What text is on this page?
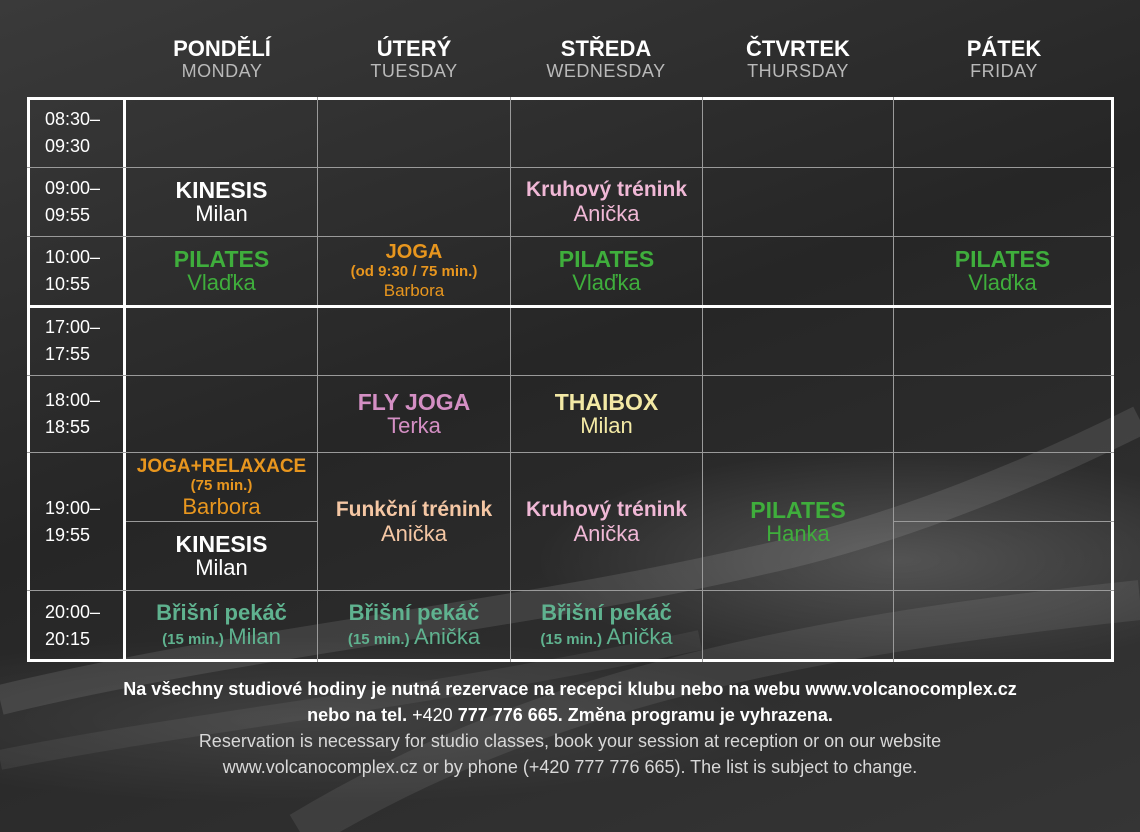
PONDĚLÍ
MONDAY
ÚTERÝ
TUESDAY
STŘEDA
WEDNESDAY
ČTVRTEK
THURSDAY
PÁTEK
FRIDAY
08:30–
09:30
09:00–
09:55
10:00–
10:55
17:00–
17:55
18:00–
18:55
19:00–
19:55
20:00–
20:15
KINESIS
Milan
Kruhový trénink
Anička
PILATES
Vlaďka
JOGA
(od 9:30 / 75 min.)
Barbora
PILATES
Vlaďka
PILATES
Vlaďka
FLY JOGA
Terka
THAIBOX
Milan
JOGA+RELAXACE
(75 min.)
Barbora
KINESIS
Milan
Funkční trénink
Anička
Kruhový trénink
Anička
PILATES
Hanka
Břišní pekáč
(15 min.) Milan
Břišní pekáč
(15 min.) Anička
Břišní pekáč
(15 min.) Anička
Na všechny studiové hodiny je nutná rezervace na recepci klubu nebo na webu www.volcanocomplex.cz
nebo na tel. +420 777 776 665. Změna programu je vyhrazena.
Reservation is necessary for studio classes, book your session at reception or on our website
www.volcanocomplex.cz or by phone (+420 777 776 665). The list is subject to change.
